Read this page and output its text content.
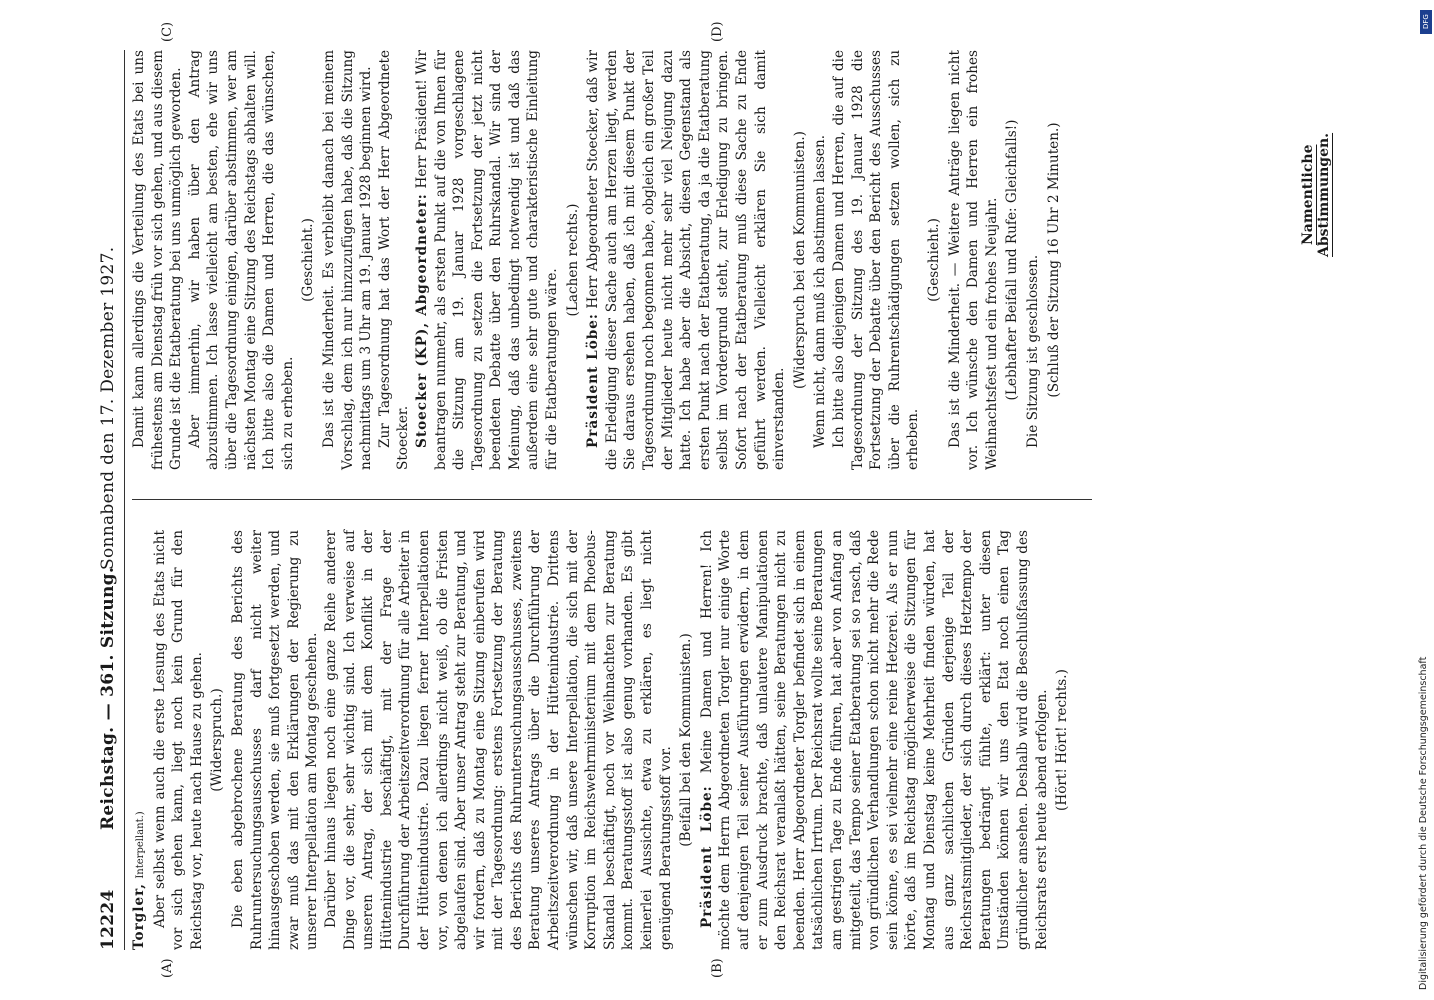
12224
Reichstag. — 361. Sitzung.
Sonnabend den 17. Dezember 1927.
(A)	(B)

Torgler, Interpellant.) Aber selbst wenn auch die erste Lesung des Etats nicht vor sich gehen kann, liegt noch kein Grund für den Reichstag vor, heute nach Hause zu gehen. (Widerspruch.) Die eben abgebrochene Beratung des Berichts des Ruhruntersuchungsausschusses darf nicht weiter hinausgeschoben werden, sie muß fortgesetzt werden, und zwar muß das mit den Erklärungen der Regierung zu unserer Interpellation am Montag geschehen. Darüber hinaus liegen noch eine ganze Reihe anderer Dinge vor, die sehr, sehr wichtig sind. Ich verweise auf unseren Antrag, der sich mit dem Konflikt in der Hüttenindustrie beschäftigt, mit der Frage der Durchführung der Arbeitszeitverordnung für alle Arbeiter in der Hüttenindustrie. Dazu liegen ferner Interpellationen vor, von denen ich allerdings nicht weiß, ob die Fristen abgelaufen sind. Aber unser Antrag steht zur Beratung, und wir fordern, daß zu Montag eine Sitzung einberufen wird mit der Tagesordnung: erstens Fortsetzung der Beratung des Berichts des Ruhruntersuchungsausschusses, zweitens Beratung unseres Antrags über die Durchführung der Arbeitszeitverordnung in der Hüttenindustrie. Drittens wünschen wir, daß unsere Interpellation, die sich mit der Korruption im Reichswehrministerium mit dem Phoebus-Skandal beschäftigt, noch vor Weihnachten zur Beratung kommt. Beratungsstoff ist also genug vorhanden. Es gibt keinerlei Aussichte, etwa zu erklären, es liegt nicht genügend Beratungsstoff vor.

(Beifall bei den Kommunisten.)

Präsident Löbe: Meine Damen und Herren! Ich möchte dem Herrn Abgeordneten Torgler nur einige Worte auf denjenigen Teil seiner Ausführungen erwidern, in dem er zum Ausdruck brachte, daß unlautere Manipulationen den Reichsrat veranlaßt hätten, seine Beratungen nicht zu beenden. Herr Abgeordneter Torgler befindet sich in einem tatsächlichen Irrtum. Der Reichsrat wollte seine Beratungen am gestrigen Tage zu Ende führen, hat aber von Anfang an mitgeteilt, das Tempo seiner Etatberatung sei so rasch, daß von gründlichen Verhandlungen schon nicht mehr die Rede sein könne, es sei vielmehr eine reine Hetzerei. Als er nun hörte, daß im Reichstag möglicherweise die Sitzungen für Montag und Dienstag keine Mehrheit finden würden, hat aus ganz sachlichen Gründen derjenige Teil der Reichsratsmitglieder, der sich durch dieses Hetztempo der Beratungen bedrängt fühlte, erklärt: unter diesen Umständen können wir uns den Etat noch einen Tag gründlicher ansehen. Deshalb wird die Beschlußfassung des Reichsrats erst heute abend erfolgen. (Hört! Hört! rechts.)

Damit kann allerdings die Verteilung des Etats bei uns frühestens am Dienstag früh vor sich gehen, und aus diesem Grunde ist die Etatberatung bei uns unmöglich geworden. Aber immerhin, wir haben über den Antrag abzustimmen. Ich lasse vielleicht am besten, ehe wir uns über die Tagesordnung einigen, darüber abstimmen, wer am nächsten Montag eine Sitzung des Reichstags abhalten will. Ich bitte also die Damen und Herren, die das wünschen, sich zu erheben.

(Geschieht.) Das ist die Minderheit. Es verbleibt danach bei meinem Vorschlag, dem ich nur hinzuzufügen habe, daß die Sitzung nachmittags um 3 Uhr am 19. Januar 1928 beginnen wird. Zur Tagesordnung hat das Wort der Herr Abgeordnete Stoecker. Stoecker (KP), Abgeordneter: Herr Präsident! Wir beantragen nunmehr, als ersten Punkt auf die von Ihnen für die Sitzung am 19. Januar 1928 vorgeschlagene Tagesordnung zu setzen die Fortsetzung der jetzt nicht beendeten Debatte über den Ruhrskandal. Wir sind der Meinung, daß das unbedingt notwendig ist und daß das außerdem eine sehr gute und charakteristische Einleitung für die Etatberatungen wäre.

(Lachen rechts.)

Präsident Löbe: Herr Abgeordneter Stoecker, daß wir die Erledigung dieser Sache auch am Herzen liegt, werden Sie daraus ersehen haben, daß ich mit diesem Punkt der Tagesordnung noch begonnen habe, obgleich ein großer Teil der Mitglieder heute nicht mehr sehr viel Neigung dazu hatte. Ich habe aber die Absicht, diesen Gegenstand als ersten Punkt nach der Etatberatung, da ja die Etatberatung selbst im Vordergrund steht, zur Erledigung zu bringen. Sofort nach der Etatberatung muß diese Sache zu Ende geführt werden. Vielleicht erklären Sie sich damit einverstanden.

(Widerspruch bei den Kommunisten.) Wenn nicht, dann muß ich abstimmen lassen. Ich bitte also diejenigen Damen und Herren, die auf die Tagesordnung der Sitzung des 19. Januar 1928 die Fortsetzung der Debatte über den Bericht des Ausschusses über die Ruhrentschädigungen setzen wollen, sich zu erheben.

(Geschieht.) Das ist die Minderheit. — Weitere Anträge liegen nicht vor. Ich wünsche den Damen und Herren ein frohes Weihnachtsfest und ein frohes Neujahr. (Lebhafter Beifall und Rufe: Gleichfalls!) Die Sitzung ist geschlossen. (Schluß der Sitzung 16 Uhr 2 Minuten.)

(C)	(D)
Namentliche Abstimmungen.
DFG
Digitalisierung gefördert durch die Deutsche Forschungsgemeinschaft
